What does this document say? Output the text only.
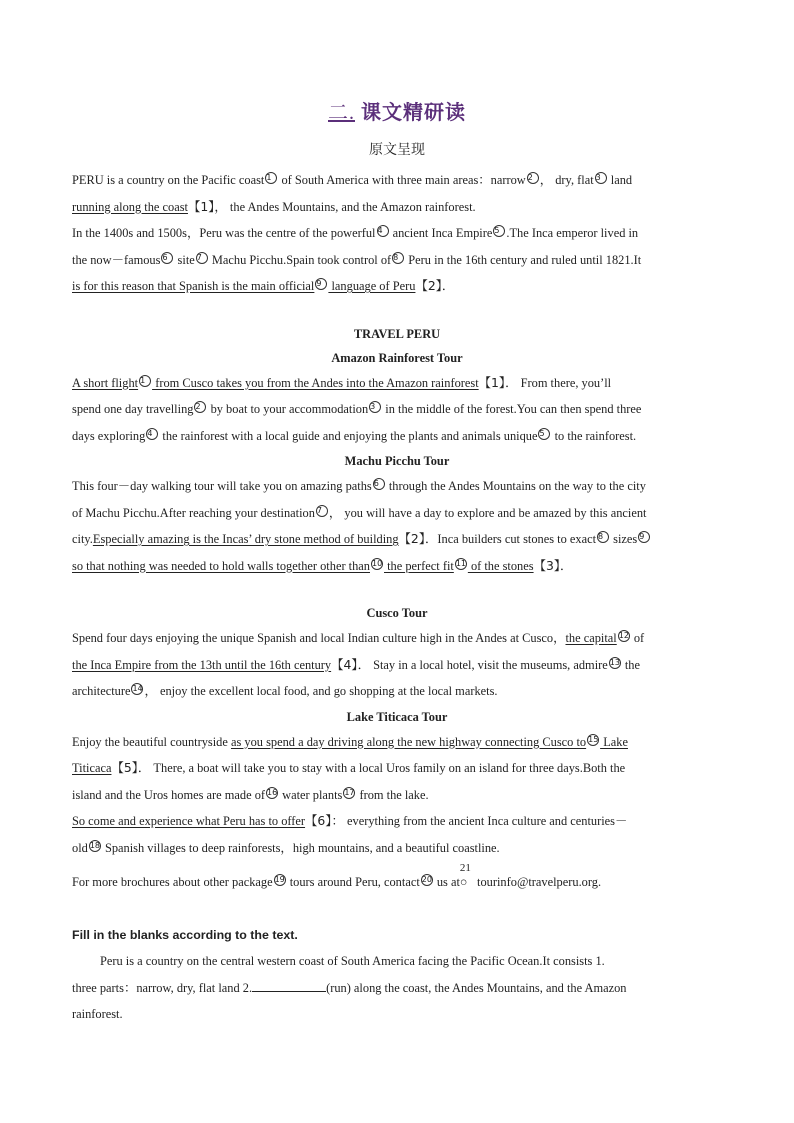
二. 课文精研读
原文呈现

PERU is a country on the Pacific coast 1 of South America with three main areas：narrow 2 ， dry, flat 3 land

running along the coast【1】， the Andes Mountains, and the Amazon rainforest.

In the 1400s and 1500s，Peru was the centre of the powerful 4 ancient Inca Empire 5 .The Inca emperor lived in

the now－famous 6 site 7 Machu Picchu.Spain took control of 8 Peru in the 16th century and ruled until 1821.It

is for this reason that Spanish is the main official 9 language of Peru【2】．

TRAVEL PERU
Amazon Rainforest Tour

A short flight 1 from Cusco takes you from the Andes into the Amazon rainforest【1】． From there, you’ll

spend one day travelling 2 by boat to your accommodation 3 in the middle of the forest.You can then spend three

days exploring 4 the rainforest with a local guide and enjoying the plants and animals unique 5 to the rainforest.

Machu Picchu Tour

This four－day walking tour will take you on amazing paths 6 through the Andes Mountains on the way to the city

of Machu Picchu.After reaching your destination 7 ， you will have a day to explore and be amazed by this ancient

city.Especially amazing is the Incas’ dry stone method of building【2】．Inca builders cut stones to exact 8 sizes 9

so that nothing was needed to hold walls together other than 10 the perfect fit 11 of the stones【3】．

Cusco Tour

Spend four days enjoying the unique Spanish and local Indian culture high in the Andes at Cusco，the capital 12 of

the Inca Empire from the 13th until the 16th century【4】． Stay in a local hotel, visit the museums, admire 13 the

architecture 14 ， enjoy the excellent local food, and go shopping at the local markets.

Lake Titicaca Tour

Enjoy the beautiful countryside as you spend a day driving along the new highway connecting Cusco to 15 Lake

Titicaca【5】． There, a boat will take you to stay with a local Uros family on an island for three days.Both the

island and the Uros homes are made of 16 water plants 17 from the lake.

So come and experience what Peru has to offer【6】： everything from the ancient Inca culture and centuries－

old 18 Spanish villages to deep rainforests，high mountains, and a beautiful coastline.

For more brochures about other package 19 tours around Peru, contact 20 us at
21
○ tourinfo@travelperu.org.

Fill in the blanks according to the text.

Peru is a country on the central western coast of South America facing the Pacific Ocean.It consists 1.

three parts：narrow, dry, flat land 2.	(run) along the coast, the Andes Mountains, and the Amazon

rainforest.
